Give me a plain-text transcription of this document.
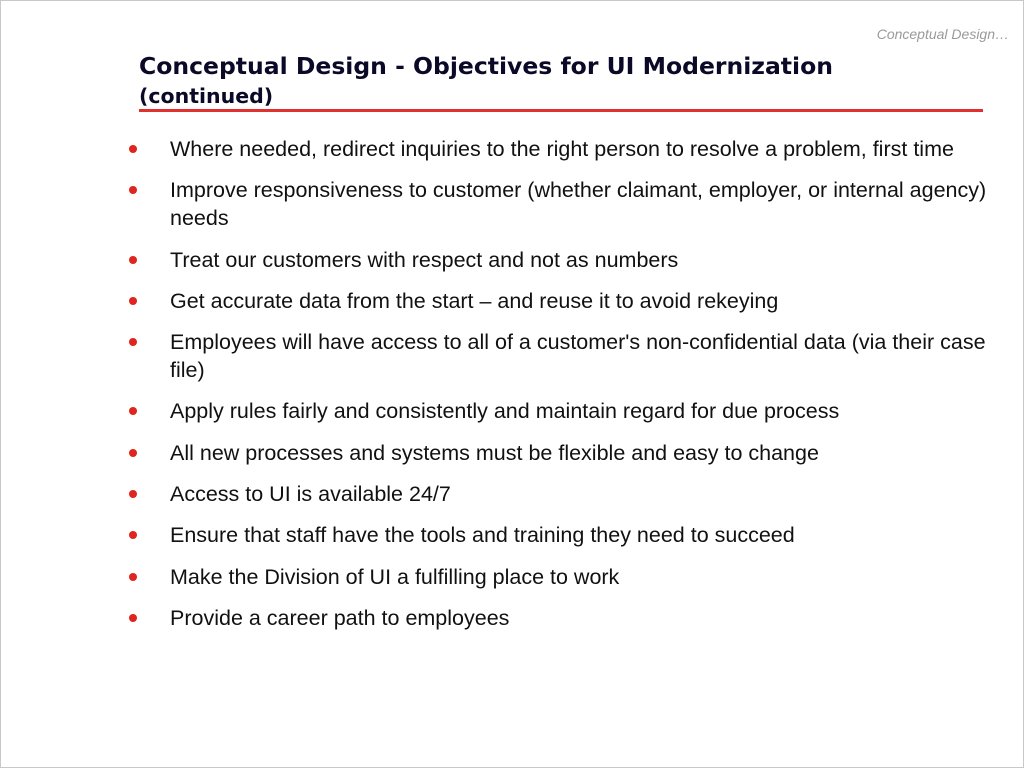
Conceptual Design…
Conceptual Design - Objectives for UI Modernization
(continued)
Where needed, redirect inquiries to the right person to resolve a problem, first time
Improve responsiveness to customer (whether claimant, employer, or internal agency) needs
Treat our customers with respect and not as numbers
Get accurate data from the start – and reuse it to avoid rekeying
Employees will have access to all of a customer's non-confidential data (via their case file)
Apply rules fairly and consistently and maintain regard for due process
All new processes and systems must be flexible and easy to change
Access to UI is available 24/7
Ensure that staff have the tools and training they need to succeed
Make the Division of UI a fulfilling place to work
Provide a career path to employees
